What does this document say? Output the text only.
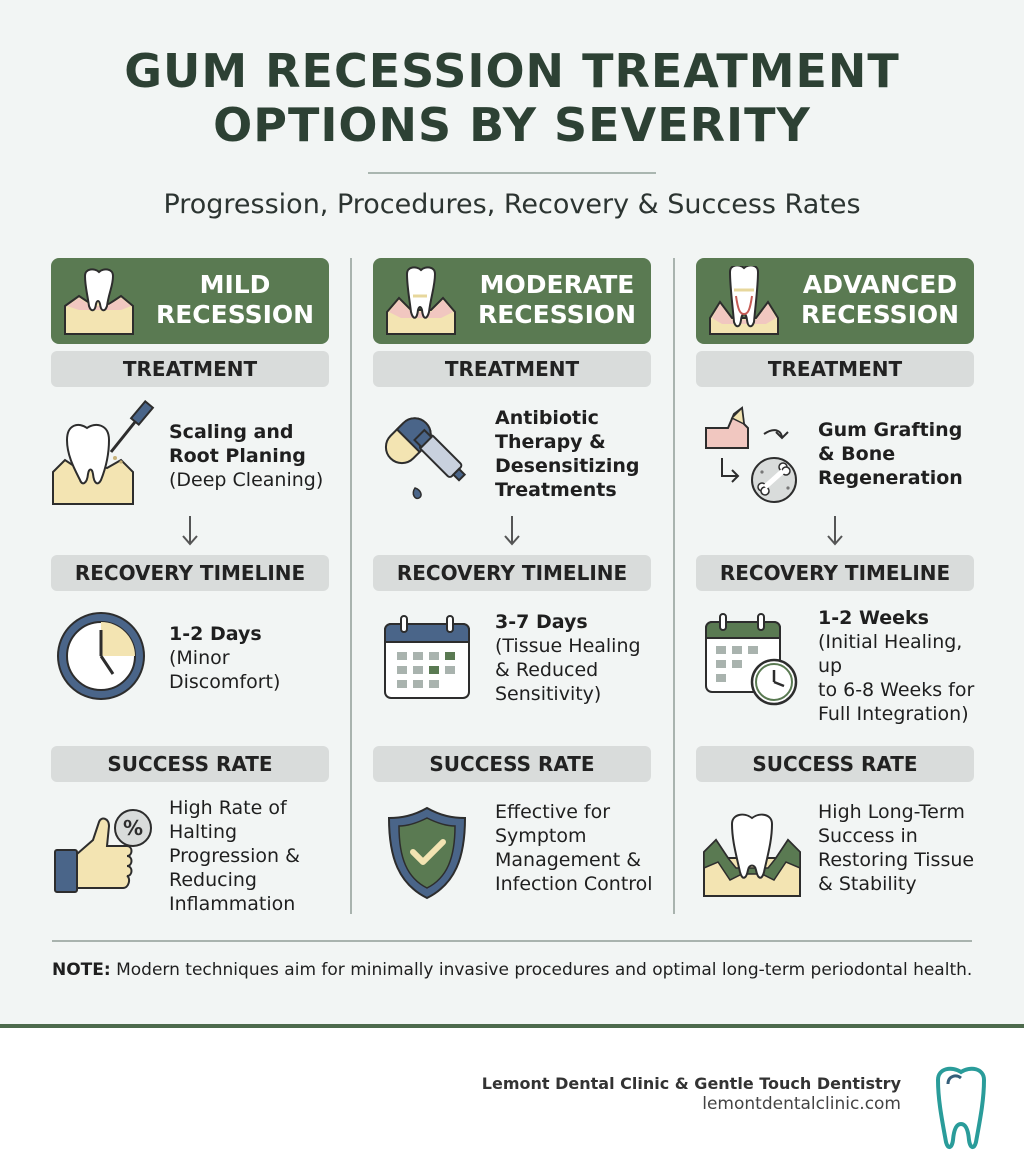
GUM RECESSION TREATMENT
OPTIONS BY SEVERITY
Progression, Procedures, Recovery & Success Rates
MILD
RECESSION
TREATMENT
Scaling and
Root Planing
(Deep Cleaning)
RECOVERY TIMELINE
1-2 Days
(Minor
Discomfort)
SUCCESS RATE
%
High Rate of
Halting
Progression &
Reducing
Inflammation
MODERATE
RECESSION
TREATMENT
Antibiotic
Therapy &
Desensitizing
Treatments
RECOVERY TIMELINE
3-7 Days
(Tissue Healing
& Reduced
Sensitivity)
SUCCESS RATE
Effective for
Symptom
Management &
Infection Control
ADVANCED
RECESSION
TREATMENT
Gum Grafting
& Bone
Regeneration
RECOVERY TIMELINE
1-2 Weeks
(Initial Healing, up
to 6-8 Weeks for
Full Integration)
SUCCESS RATE
High Long-Term
Success in
Restoring Tissue
& Stability
NOTE: Modern techniques aim for minimally invasive procedures and optimal long-term periodontal health.
Lemont Dental Clinic & Gentle Touch Dentistry
lemontdentalclinic.com
